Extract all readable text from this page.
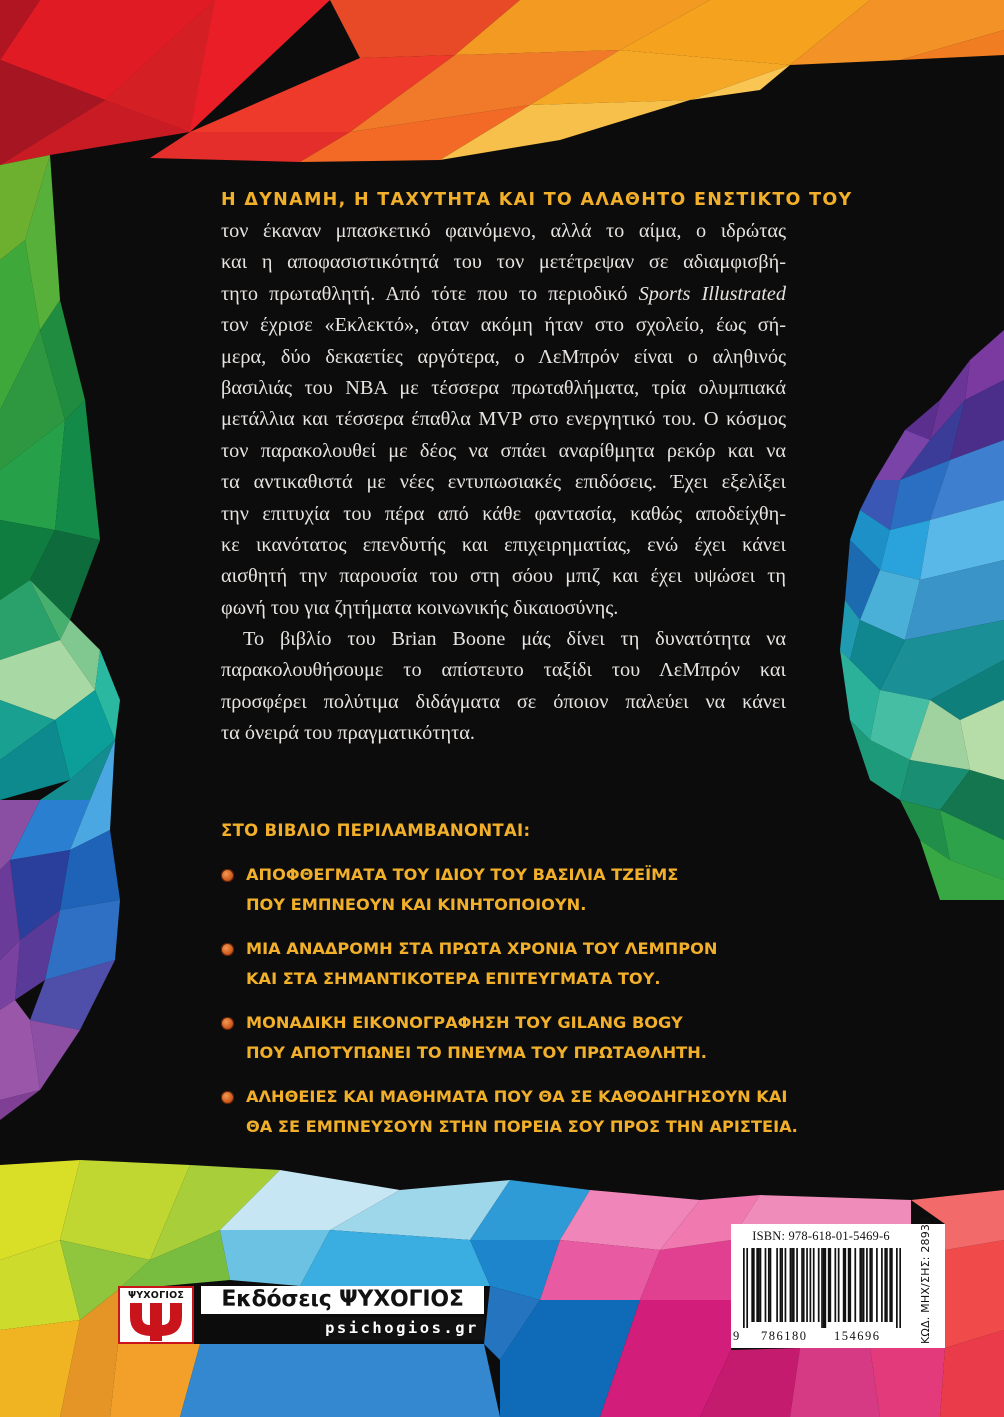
Η ΔΥΝΑΜΗ, Η ΤΑΧΥΤΗΤΑ ΚΑΙ ΤΟ ΑΛΑΘΗΤΟ ΕΝΣΤΙΚΤΟ ΤΟΥ
τον έκαναν μπασκετικό φαινόμενο, αλλά το αίμα, ο ιδρώτας
και η αποφασιστικότητά του τον μετέτρεψαν σε αδιαμφισβή-
τητο πρωταθλητή. Από τότε που το περιοδικό Sports Illustrated
τον έχρισε «Εκλεκτό», όταν ακόμη ήταν στο σχολείο, έως σή-
μερα, δύο δεκαετίες αργότερα, ο ΛεΜπρόν είναι ο αληθινός
βασιλιάς του NBA με τέσσερα πρωταθλήματα, τρία ολυμπιακά
μετάλλια και τέσσερα έπαθλα MVP στο ενεργητικό του. Ο κόσμος
τον παρακολουθεί με δέος να σπάει αναρίθμητα ρεκόρ και να
τα αντικαθιστά με νέες εντυπωσιακές επιδόσεις. Έχει εξελίξει
την επιτυχία του πέρα από κάθε φαντασία, καθώς αποδείχθη-
κε ικανότατος επενδυτής και επιχειρηματίας, ενώ έχει κάνει
αισθητή την παρουσία του στη σόου μπιζ και έχει υψώσει τη
φωνή του για ζητήματα κοινωνικής δικαιοσύνης.
Το βιβλίο του Brian Boone μάς δίνει τη δυνατότητα να
παρακολουθήσουμε το απίστευτο ταξίδι του ΛεΜπρόν και
προσφέρει πολύτιμα διδάγματα σε όποιον παλεύει να κάνει
τα όνειρά του πραγματικότητα.
ΣΤΟ ΒΙΒΛΙΟ ΠΕΡΙΛΑΜΒΑΝΟΝΤΑΙ:
ΑΠΟΦΘΕΓΜΑΤΑ ΤΟΥ ΙΔΙΟΥ ΤΟΥ ΒΑΣΙΛΙΑ ΤΖΕΪΜΣ
ΠΟΥ ΕΜΠΝΕΟΥΝ ΚΑΙ ΚΙΝΗΤΟΠΟΙΟΥΝ.
ΜΙΑ ΑΝΑΔΡΟΜΗ ΣΤΑ ΠΡΩΤΑ ΧΡΟΝΙΑ ΤΟΥ ΛΕΜΠΡΟΝ
ΚΑΙ ΣΤΑ ΣΗΜΑΝΤΙΚΟΤΕΡΑ ΕΠΙΤΕΥΓΜΑΤΑ ΤΟΥ.
ΜΟΝΑΔΙΚΗ ΕΙΚΟΝΟΓΡΑΦΗΣΗ ΤΟΥ GILANG BOGY
ΠΟΥ ΑΠΟΤΥΠΩΝΕΙ ΤΟ ΠΝΕΥΜΑ ΤΟΥ ΠΡΩΤΑΘΛΗΤΗ.
ΑΛΗΘΕΙΕΣ ΚΑΙ ΜΑΘΗΜΑΤΑ ΠΟΥ ΘΑ ΣΕ ΚΑΘΟΔΗΓΗΣΟΥΝ ΚΑΙ
ΘΑ ΣΕ ΕΜΠΝΕΥΣΟΥΝ ΣΤΗΝ ΠΟΡΕΙΑ ΣΟΥ ΠΡΟΣ ΤΗΝ ΑΡΙΣΤΕΙΑ.
ΨΥΧΟΓΙΟΣ	Εκδόσεις ΨΥΧΟΓΙΟΣ
psichogios.gr
ISBN: 978-618-01-5469-6
9 786180 154696	ΚΩΔ. ΜΗΧ/ΣΗΣ: 28934
